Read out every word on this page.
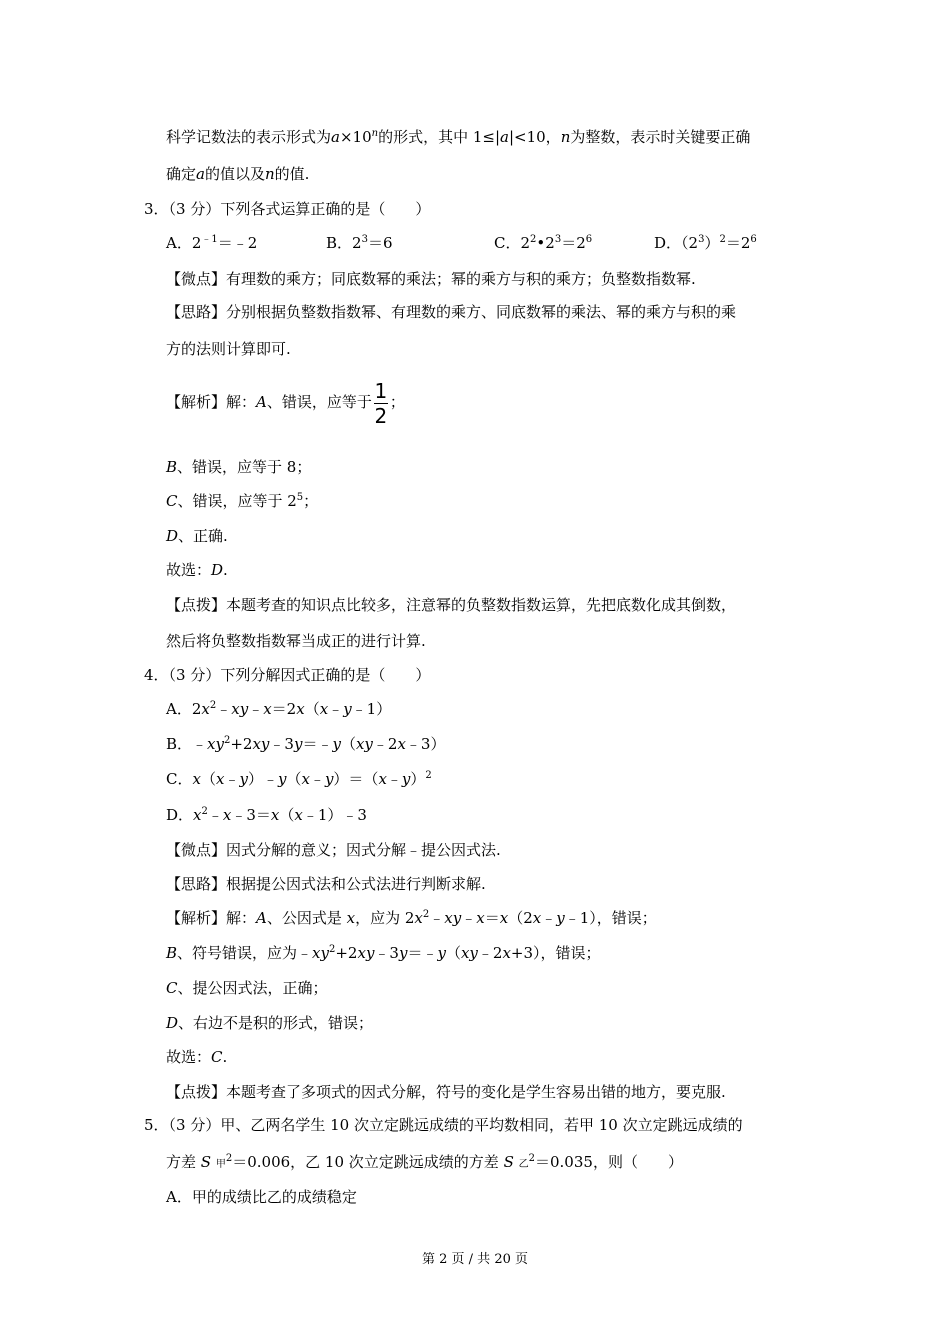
科学记数法的表示形式为$a\times 10^n$的形式，其中 1≤|a|<10，n为整数，表示时关键要正确
确定a的值以及n的值.
3．（3 分）下列各式运算正确的是（　　）
A．$2^{﹣1}=﹣2$	B．$2^3=6$	C．$2^2•2^3=2^6$	D．$(2^3)^2=2^6$
【微点】有理数的乘方；同底数幂的乘法；幂的乘方与积的乘方；负整数指数幂.
【思路】分别根据负整数指数幂、有理数的乘方、同底数幂的乘法、幂的乘方与积的乘
方的法则计算即可.
【解析】解：A、错误，应等于 $\frac{1}{2}$ ；
B、错误，应等于 8；
C、错误，应等于 $2^5$；
D、正确.
故选：D.
【点拨】本题考查的知识点比较多，注意幂的负整数指数运算，先把底数化成其倒数，
然后将负整数指数幂当成正的进行计算.
4．（3 分）下列分解因式正确的是（　　）
A．$2x^2﹣xy﹣x=2x(x﹣y﹣1)$
B．$﹣xy^2+2xy﹣3y=﹣y(xy﹣2x﹣3)$
C．x（x﹣y）﹣y（x﹣y）＝（x﹣y）$^2$
D．$x^2﹣x﹣3=x(x﹣1)﹣3$
【微点】因式分解的意义；因式分解﹣提公因式法.
【思路】根据提公因式法和公式法进行判断求解.
【解析】解：A、公因式是 x，应为 $2x^2﹣xy﹣x=x(2x﹣y﹣1)$，错误；
B、符号错误，应为$﹣xy^2+2xy﹣3y=﹣y(xy﹣2x+3)$，错误；
C、提公因式法，正确；
D、右边不是积的形式，错误；
故选：C.
【点拨】本题考查了多项式的因式分解，符号的变化是学生容易出错的地方，要克服.
5．（3 分）甲、乙两名学生 10 次立定跳远成绩的平均数相同，若甲 10 次立定跳远成绩的
方差 S $_甲^2$＝0.006，乙 10 次立定跳远成绩的方差 S $_乙^2$＝0.035，则（　　）
A．甲的成绩比乙的成绩稳定
第 2 页 / 共 20 页
